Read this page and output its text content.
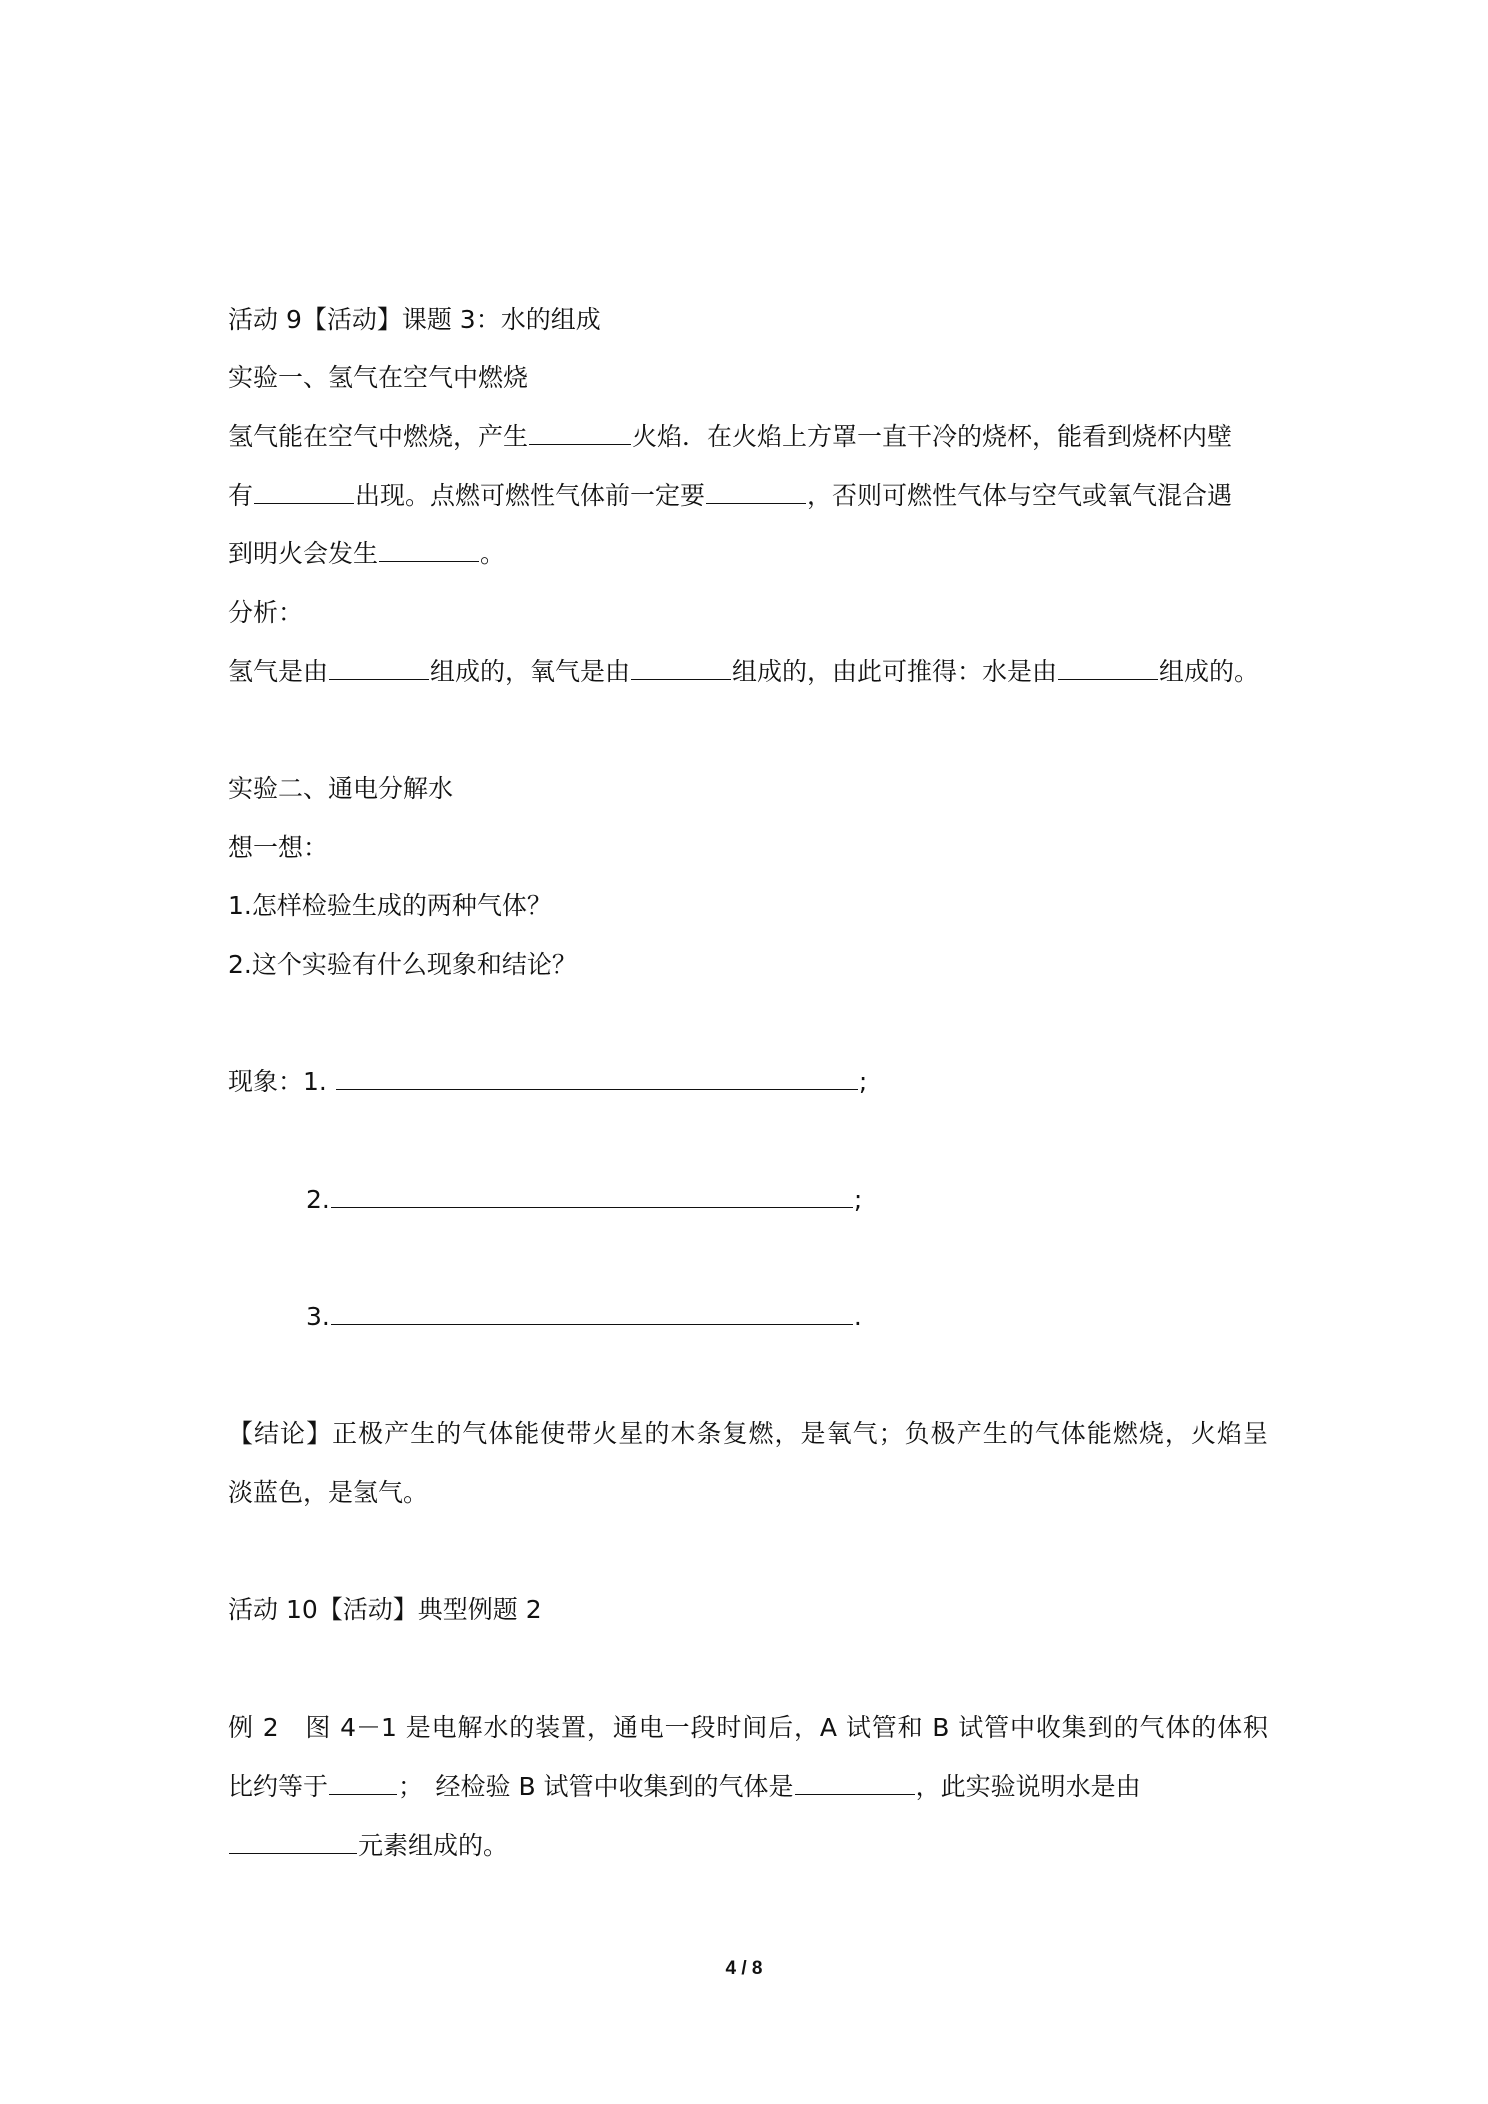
活动 9【活动】课题 3：水的组成
实验一、氢气在空气中燃烧
氢气能在空气中燃烧，产生	火焰．在火焰上方罩一直干冷的烧杯，能看到烧杯内壁
有	出现。点燃可燃性气体前一定要	，否则可燃性气体与空气或氧气混合遇
到明火会发生	。
分析：
氢气是由	组成的，氧气是由	组成的，由此可推得：水是由	组成的。
实验二、通电分解水
想一想：
1.怎样检验生成的两种气体？
2.这个实验有什么现象和结论？
现象：1.	;
2.	;
3.	.
【结论】正极产生的气体能使带火星的木条复燃，是氧气；负极产生的气体能燃烧，火焰呈
淡蓝色，是氢气。
活动 10【活动】典型例题 2
例 2　图 4－1 是电解水的装置，通电一段时间后，A 试管和 B 试管中收集到的气体的体积
比约等于	；　经检验 B 试管中收集到的气体是	，此实验说明水是由
元素组成的。
4 / 8
